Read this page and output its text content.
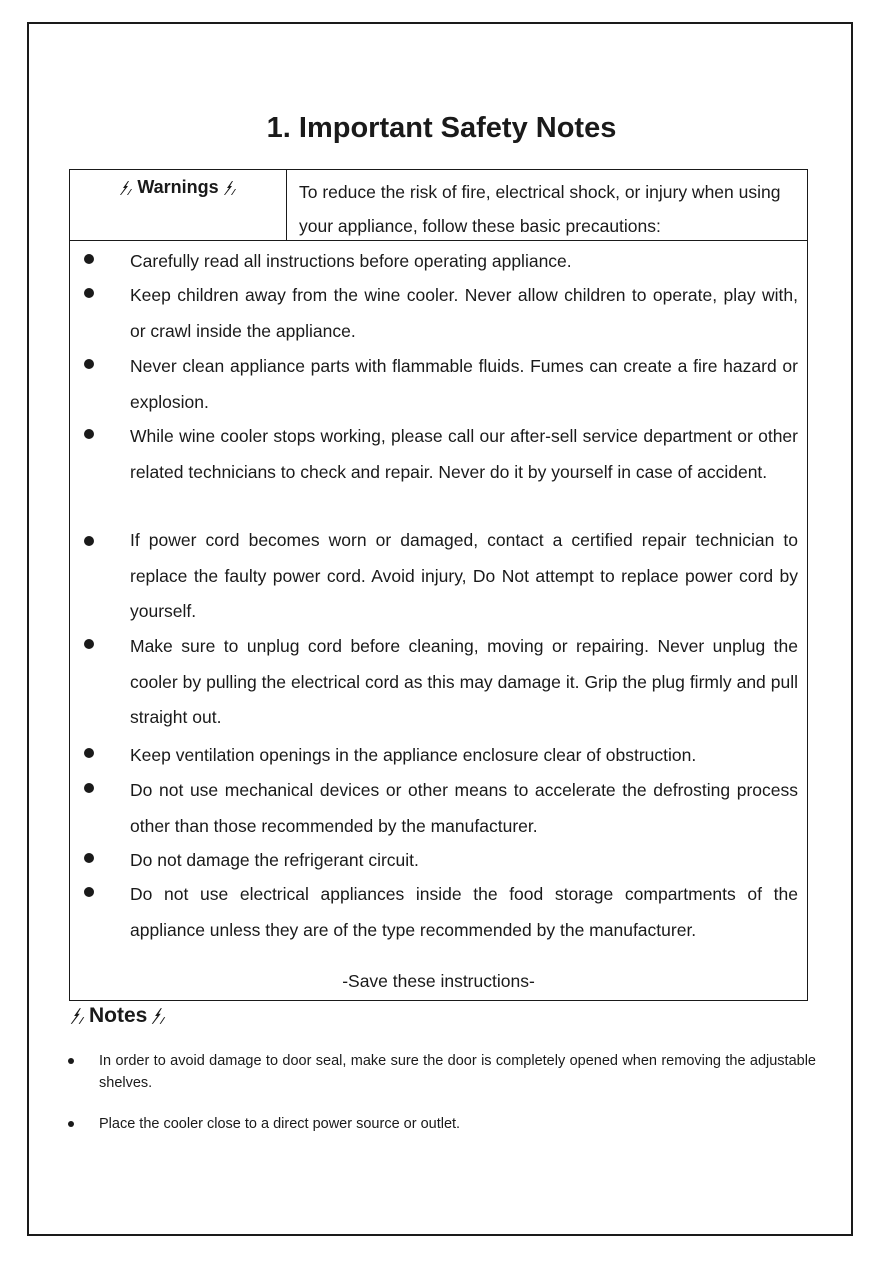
1. Important Safety Notes
Warnings	To reduce the risk of fire, electrical shock, or injury when using your appliance, follow these basic precautions:
Carefully read all instructions before operating appliance.
Keep children away from the wine cooler. Never allow children to operate, play with, or crawl inside the appliance.
Never clean appliance parts with flammable fluids. Fumes can create a fire hazard or explosion.
While wine cooler stops working, please call our after-sell service department or other related technicians to check and repair. Never do it by yourself in case of accident.
If power cord becomes worn or damaged, contact a certified repair technician to replace the faulty power cord. Avoid injury, Do Not attempt to replace power cord by yourself.
Make sure to unplug cord before cleaning, moving or repairing. Never unplug the cooler by pulling the electrical cord as this may damage it. Grip the plug firmly and pull straight out.
Keep ventilation openings in the appliance enclosure clear of obstruction.
Do not use mechanical devices or other means to accelerate the defrosting process other than those recommended by the manufacturer.
Do not damage the refrigerant circuit.
Do not use electrical appliances inside the food storage compartments of the appliance unless they are of the type recommended by the manufacturer.
-Save these instructions-
Notes
In order to avoid damage to door seal, make sure the door is completely opened when removing the adjustable shelves.
Place the cooler close to a direct power source or outlet.
